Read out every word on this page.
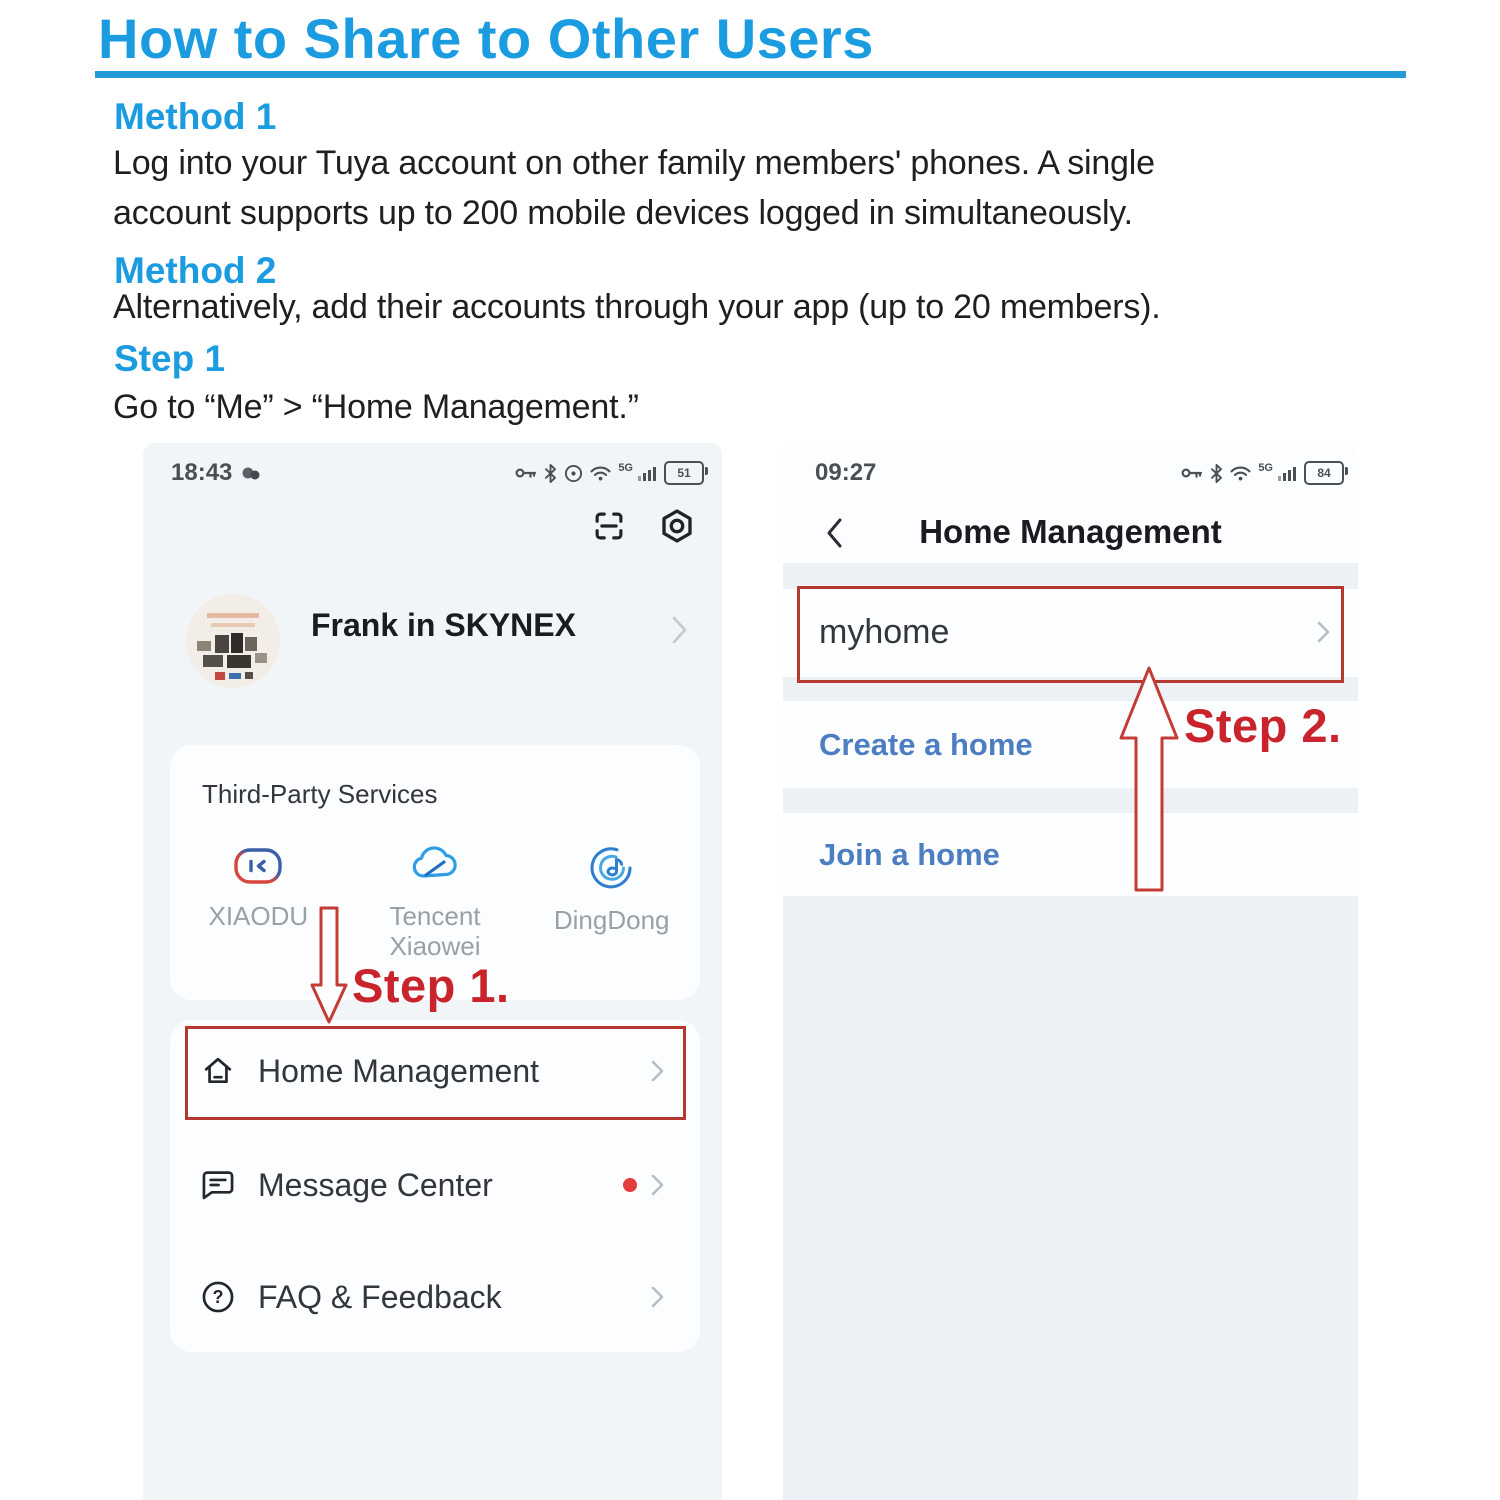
How to Share to Other Users
Method 1
Log into your Tuya account on other family members' phones. A single
account supports up to 200 mobile devices logged in simultaneously.
Method 2
Alternatively, add their accounts through your app (up to 20 members).
Step 1
Go to “Me” > “Home Management.”
18:43	5G	51
Frank in SKYNEX
Third-Party Services
XIAODU	Tencent Xiaowei
DingDong
Home Management
Message Center
? FAQ & Feedback
Step 1.
09:27	5G	84
Home Management
myhome
Create a home
Join a home
Step 2.
